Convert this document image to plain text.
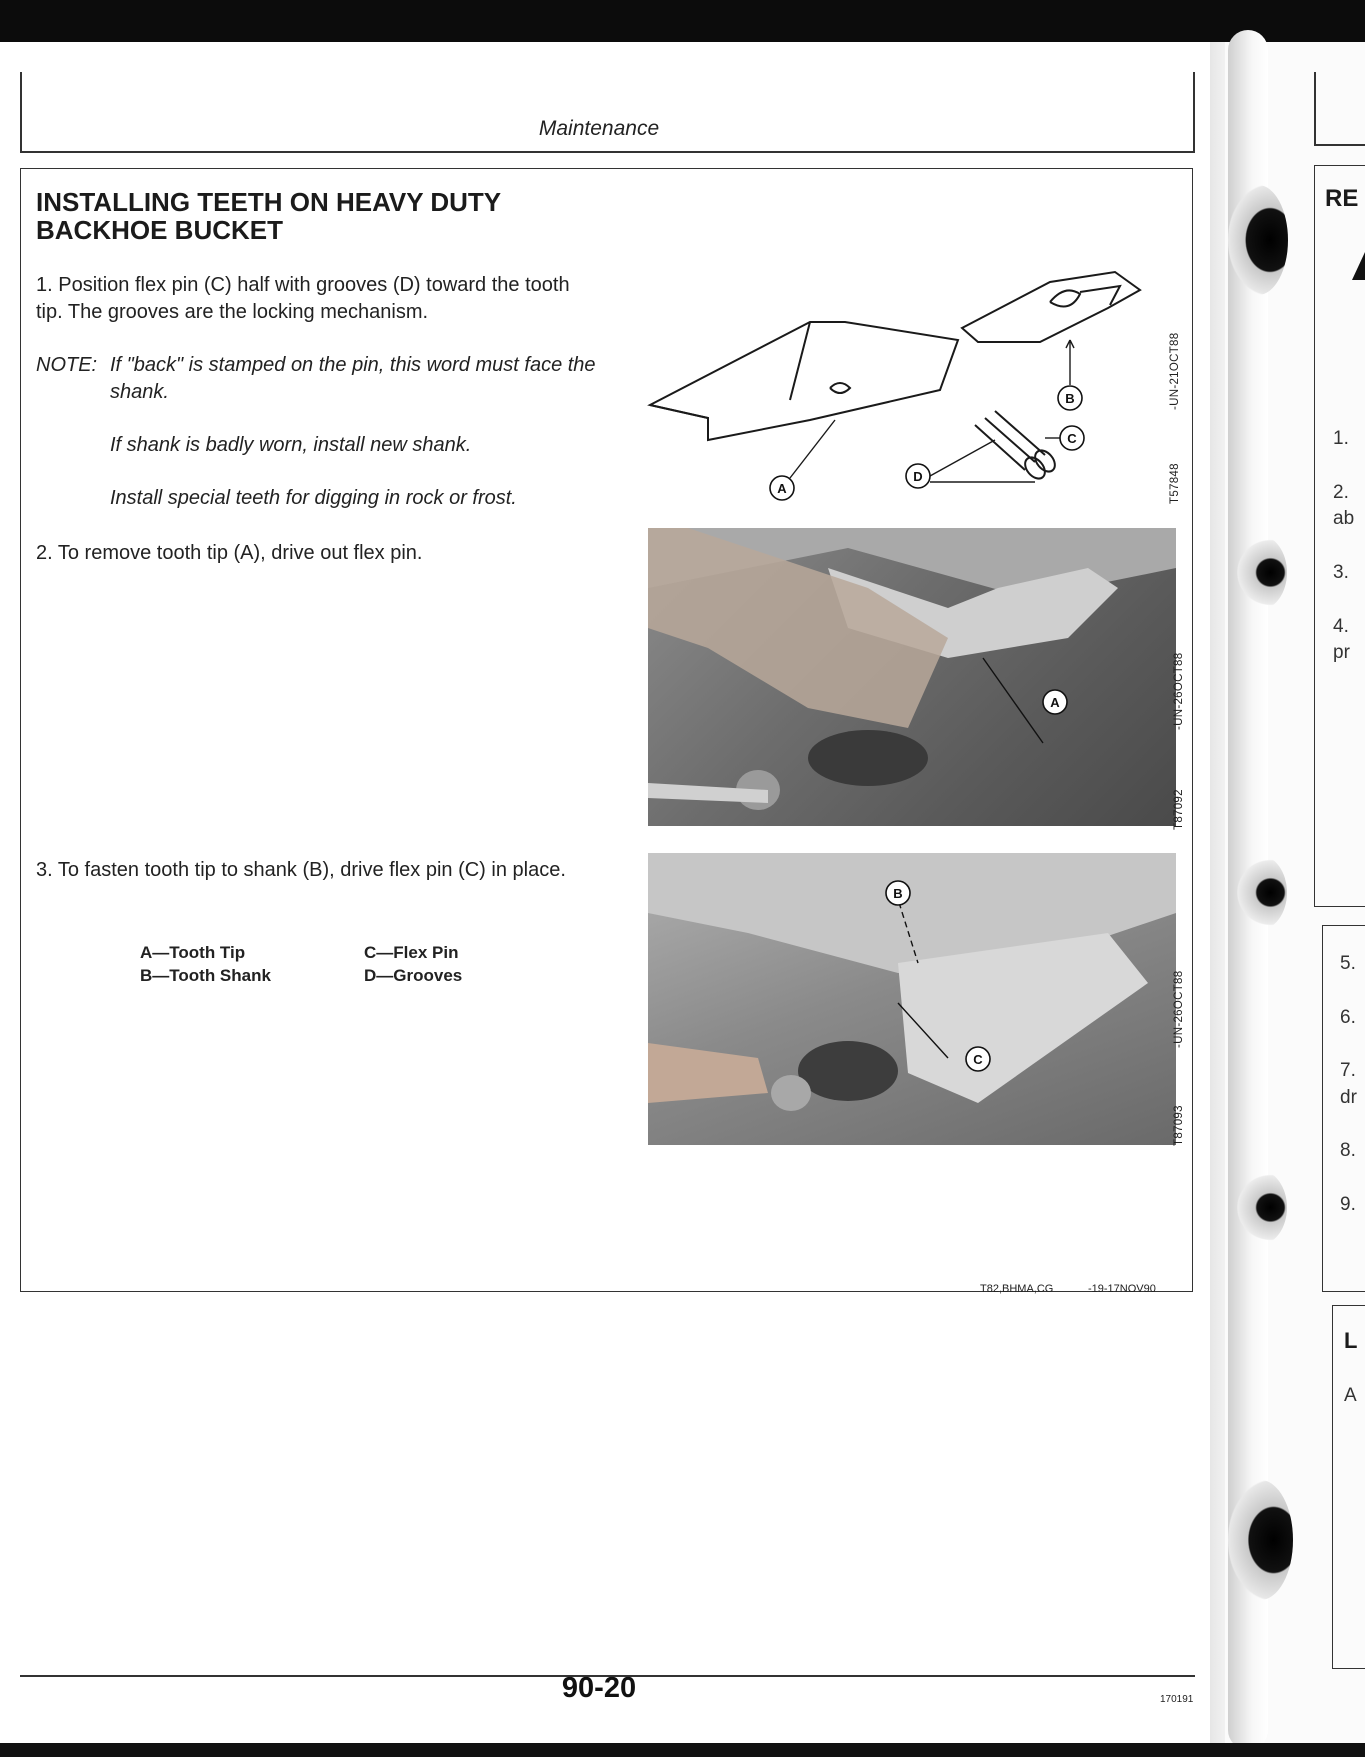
Maintenance
INSTALLING TEETH ON HEAVY DUTY BACKHOE BUCKET
1. Position flex pin (C) half with grooves (D) toward the tooth tip. The grooves are the locking mechanism.
NOTE: If "back" is stamped on the pin, this word must face the shank.
If shank is badly worn, install new shank.
Install special teeth for digging in rock or frost.
2. To remove tooth tip (A), drive out flex pin.
3. To fasten tooth tip to shank (B), drive flex pin (C) in place.
A—Tooth Tip
B—Tooth Shank
C—Flex Pin
D—Grooves
A
B
C
D
-UN-21OCT88
T57848
A	-UN-26OCT88
T87092
B
C
-UN-26OCT88
T87093
T82,BHMA,CG	-19-17NOV90
90-20	170191
RE
1.
2.
ab
3.
4.
pr
5.
6.
7.
dr
8.
9.
L
A
